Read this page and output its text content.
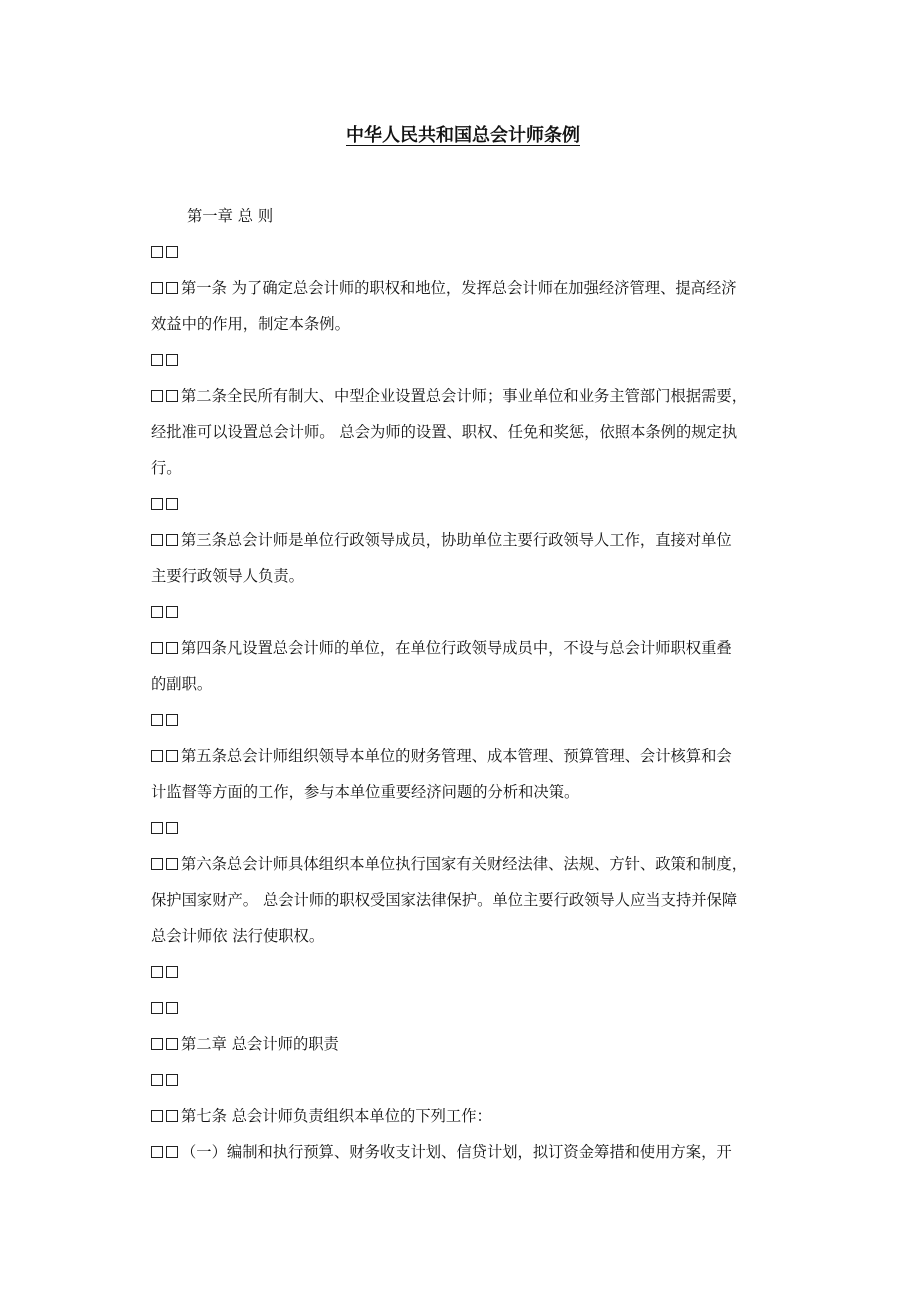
中华人民共和国总会计师条例
第一章 总 则
第一条 为了确定总会计师的职权和地位，发挥总会计师在加强经济管理、提高经济
效益中的作用，制定本条例。
第二条全民所有制大、中型企业设置总会计师；事业单位和业务主管部门根据需要，
经批准可以设置总会计师。 总会为师的设置、职权、任免和奖惩，依照本条例的规定执
行。
第三条总会计师是单位行政领导成员，协助单位主要行政领导人工作，直接对单位
主要行政领导人负责。
第四条凡设置总会计师的单位，在单位行政领导成员中，不设与总会计师职权重叠
的副职。
第五条总会计师组织领导本单位的财务管理、成本管理、预算管理、会计核算和会
计监督等方面的工作，参与本单位重要经济问题的分析和决策。
第六条总会计师具体组织本单位执行国家有关财经法律、法规、方针、政策和制度，
保护国家财产。 总会计师的职权受国家法律保护。单位主要行政领导人应当支持并保障
总会计师依 法行使职权。
第二章 总会计师的职责
第七条 总会计师负责组织本单位的下列工作：
（一）编制和执行预算、财务收支计划、信贷计划，拟订资金筹措和使用方案，开
